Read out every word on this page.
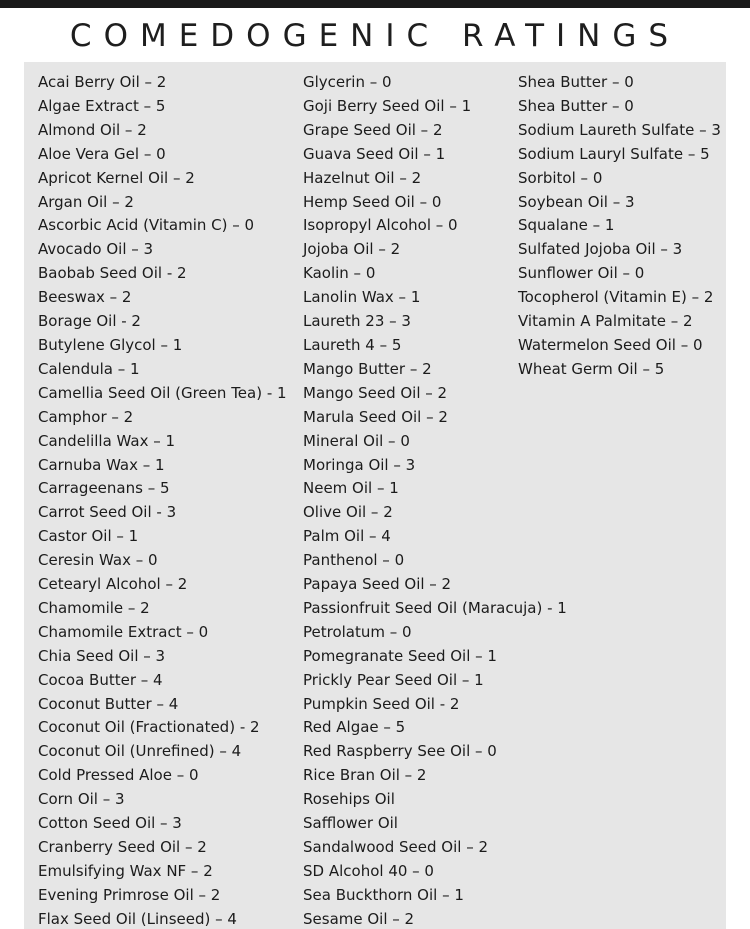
COMEDOGENIC RATINGS
Acai Berry Oil – 2
Algae Extract – 5
Almond Oil – 2
Aloe Vera Gel – 0
Apricot Kernel Oil – 2
Argan Oil – 2
Ascorbic Acid (Vitamin C) – 0
Avocado Oil – 3
Baobab Seed Oil - 2
Beeswax – 2
Borage Oil - 2
Butylene Glycol – 1
Calendula – 1
Camellia Seed Oil (Green Tea) - 1
Camphor – 2
Candelilla Wax – 1
Carnuba Wax – 1
Carrageenans – 5
Carrot Seed Oil - 3
Castor Oil – 1
Ceresin Wax – 0
Cetearyl Alcohol – 2
Chamomile – 2
Chamomile Extract – 0
Chia Seed Oil – 3
Cocoa Butter – 4
Coconut Butter – 4
Coconut Oil (Fractionated) - 2
Coconut Oil (Unrefined) – 4
Cold Pressed Aloe – 0
Corn Oil – 3
Cotton Seed Oil – 3
Cranberry Seed Oil – 2
Emulsifying Wax NF – 2
Evening Primrose Oil – 2
Flax Seed Oil (Linseed) – 4
Glycerin – 0
Goji Berry Seed Oil – 1
Grape Seed Oil – 2
Guava Seed Oil – 1
Hazelnut Oil – 2
Hemp Seed Oil – 0
Isopropyl Alcohol – 0
Jojoba Oil – 2
Kaolin – 0
Lanolin Wax – 1
Laureth 23 – 3
Laureth 4 – 5
Mango Butter – 2
Mango Seed Oil – 2
Marula Seed Oil – 2
Mineral Oil – 0
Moringa Oil – 3
Neem Oil – 1
Olive Oil – 2
Palm Oil – 4
Panthenol – 0
Papaya Seed Oil – 2
Passionfruit Seed Oil (Maracuja) - 1
Petrolatum – 0
Pomegranate Seed Oil – 1
Prickly Pear Seed Oil – 1
Pumpkin Seed Oil - 2
Red Algae – 5
Red Raspberry See Oil – 0
Rice Bran Oil – 2
Rosehips Oil
Safflower Oil
Sandalwood Seed Oil – 2
SD Alcohol 40 – 0
Sea Buckthorn Oil – 1
Sesame Oil – 2
Shea Butter – 0
Shea Butter – 0
Sodium Laureth Sulfate – 3
Sodium Lauryl Sulfate – 5
Sorbitol – 0
Soybean Oil – 3
Squalane – 1
Sulfated Jojoba Oil – 3
Sunflower Oil – 0
Tocopherol (Vitamin E) – 2
Vitamin A Palmitate – 2
Watermelon Seed Oil – 0
Wheat Germ Oil – 5
